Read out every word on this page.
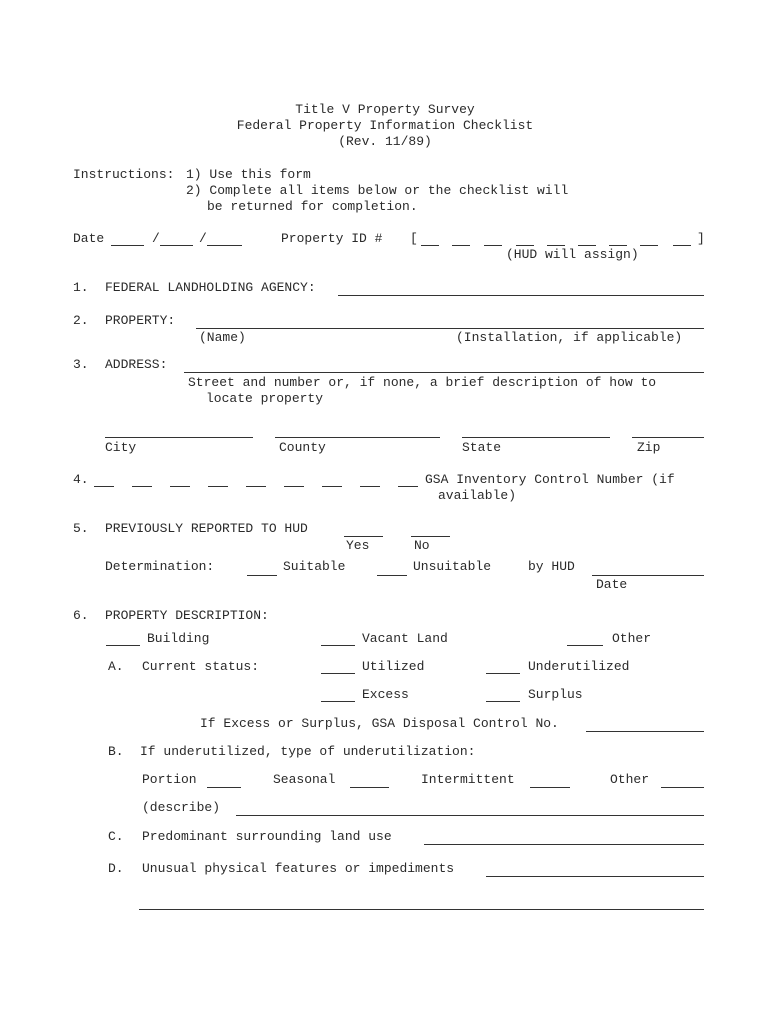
Title V Property Survey
Federal Property Information Checklist
(Rev. 11/89)
Instructions: 1) Use this form
2) Complete all items below or the checklist will
be returned for completion.
Date	/	/	Property ID # [	]
(HUD will assign)
1. FEDERAL LANDHOLDING AGENCY:
2. PROPERTY:
(Name)	(Installation, if applicable)
3. ADDRESS:
Street and number or, if none, a brief description of how to
locate property
City	County	State	Zip
4.	GSA Inventory Control Number (if
available)
5. PREVIOUSLY REPORTED TO HUD
Yes	No
Determination:	Suitable	Unsuitable	by HUD
Date
6. PROPERTY DESCRIPTION:
Building	Vacant Land	Other
A. Current status:	Utilized	Underutilized
Excess	Surplus
If Excess or Surplus, GSA Disposal Control No.
B. If underutilized, type of underutilization:
Portion	Seasonal	Intermittent	Other
(describe)
C. Predominant surrounding land use
D. Unusual physical features or impediments
